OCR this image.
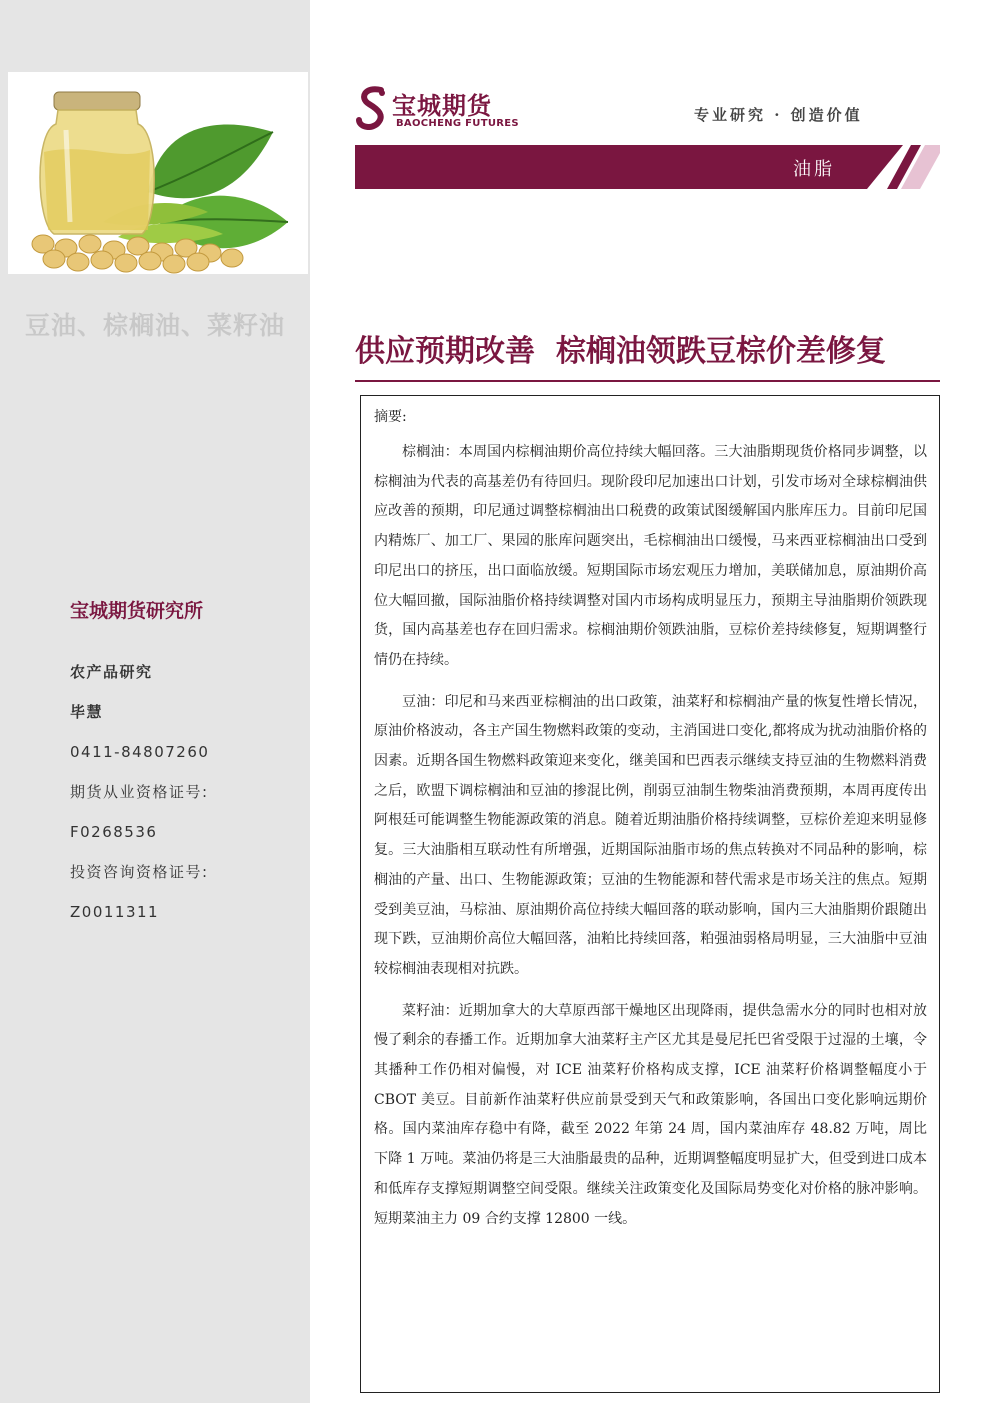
豆油、棕榈油、菜籽油
宝城期货研究所
农产品研究
毕慧
0411-84807260
期货从业资格证号:
F0268536
投资咨询资格证号:
Z0011311
宝城期货
BAOCHENG FUTURES	专业研究 · 创造价值
油脂
供应预期改善  棕榈油领跌豆棕价差修复
摘要:

棕榈油：本周国内棕榈油期价高位持续大幅回落。三大油脂期现货价格同步调整，以棕榈油为代表的高基差仍有待回归。现阶段印尼加速出口计划，引发市场对全球棕榈油供应改善的预期，印尼通过调整棕榈油出口税费的政策试图缓解国内胀库压力。目前印尼国内精炼厂、加工厂、果园的胀库问题突出，毛棕榈油出口缓慢，马来西亚棕榈油出口受到印尼出口的挤压，出口面临放缓。短期国际市场宏观压力增加，美联储加息，原油期价高位大幅回撤，国际油脂价格持续调整对国内市场构成明显压力，预期主导油脂期价领跌现货，国内高基差也存在回归需求。棕榈油期价领跌油脂，豆棕价差持续修复，短期调整行情仍在持续。

豆油：印尼和马来西亚棕榈油的出口政策，油菜籽和棕榈油产量的恢复性增长情况，原油价格波动，各主产国生物燃料政策的变动，主消国进口变化,都将成为扰动油脂价格的因素。近期各国生物燃料政策迎来变化，继美国和巴西表示继续支持豆油的生物燃料消费之后，欧盟下调棕榈油和豆油的掺混比例，削弱豆油制生物柴油消费预期，本周再度传出阿根廷可能调整生物能源政策的消息。随着近期油脂价格持续调整，豆棕价差迎来明显修复。三大油脂相互联动性有所增强，近期国际油脂市场的焦点转换对不同品种的影响，棕榈油的产量、出口、生物能源政策；豆油的生物能源和替代需求是市场关注的焦点。短期受到美豆油，马棕油、原油期价高位持续大幅回落的联动影响，国内三大油脂期价跟随出现下跌，豆油期价高位大幅回落，油粕比持续回落，粕强油弱格局明显，三大油脂中豆油较棕榈油表现相对抗跌。

菜籽油：近期加拿大的大草原西部干燥地区出现降雨，提供急需水分的同时也相对放慢了剩余的春播工作。近期加拿大油菜籽主产区尤其是曼尼托巴省受限于过湿的土壤，令其播种工作仍相对偏慢，对 ICE 油菜籽价格构成支撑，ICE 油菜籽价格调整幅度小于 CBOT 美豆。目前新作油菜籽供应前景受到天气和政策影响，各国出口变化影响远期价格。国内菜油库存稳中有降，截至 2022 年第 24 周，国内菜油库存 48.82 万吨，周比下降 1 万吨。菜油仍将是三大油脂最贵的品种，近期调整幅度明显扩大，但受到进口成本和低库存支撑短期调整空间受限。继续关注政策变化及国际局势变化对价格的脉冲影响。短期菜油主力 09 合约支撑 12800 一线。
